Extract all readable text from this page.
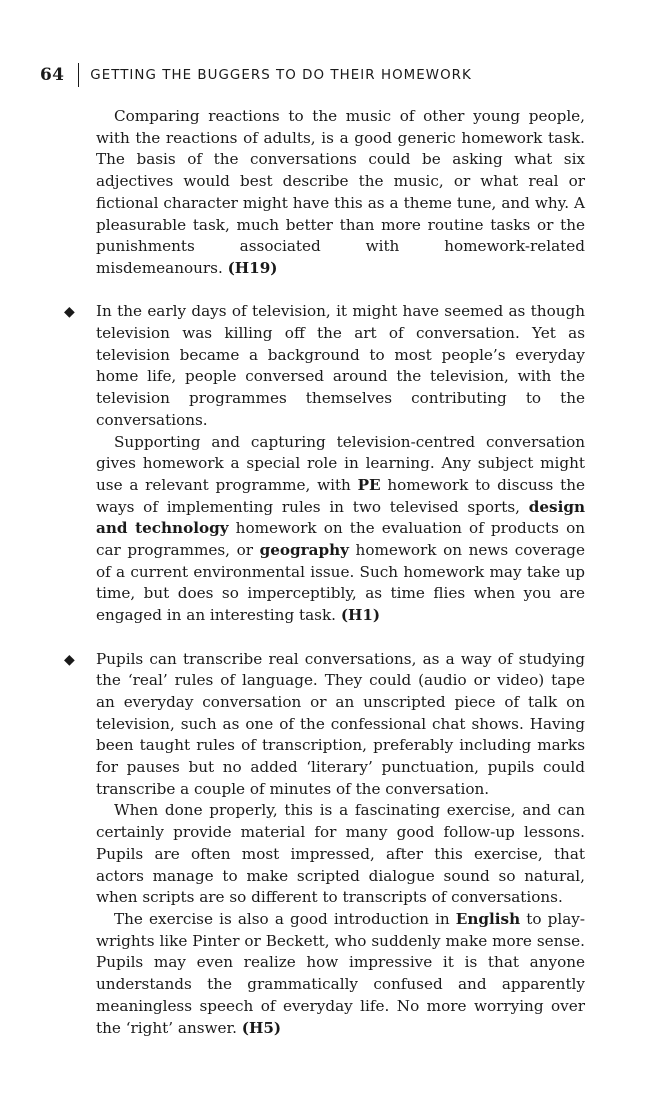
64 GETTING THE BUGGERS TO DO THEIR HOMEWORK

Comparing reactions to the music of other young people, with the reactions of adults, is a good generic homework task. The basis of the conversations could be asking what six adjectives would best describe the music, or what real or fictional character might have this as a theme tune, and why. A pleasurable task, much better than more routine tasks or the punishments associated with homework-related misdemeanours. (H19)

◆ In the early days of television, it might have seemed as though television was killing off the art of conversation. Yet as television became a background to most people’s everyday home life, people conversed around the television, with the television programmes themselves contributing to the conversations.

Supporting and capturing television-centred conversation gives homework a special role in learning. Any subject might use a relevant programme, with PE homework to discuss the ways of implementing rules in two televised sports, design and technology homework on the evaluation of products on car programmes, or geography homework on news coverage of a current environmental issue. Such homework may take up time, but does so imperceptibly, as time flies when you are engaged in an interesting task. (H1)

◆ Pupils can transcribe real conversations, as a way of studying the ‘real’ rules of language. They could (audio or video) tape an everyday conversation or an unscripted piece of talk on television, such as one of the confessional chat shows. Having been taught rules of transcription, preferably including marks for pauses but no added ‘literary’ punctuation, pupils could transcribe a couple of minutes of the conversation.

When done properly, this is a fascinating exercise, and can certainly provide material for many good follow-up lessons. Pupils are often most impressed, after this exercise, that actors manage to make scripted dialogue sound so natural, when scripts are so different to transcripts of conversations.

The exercise is also a good introduction in English to playwrights like Pinter or Beckett, who suddenly make more sense. Pupils may even realize how impressive it is that anyone understands the grammatically confused and apparently meaningless speech of everyday life. No more worrying over the ‘right’ answer. (H5)
